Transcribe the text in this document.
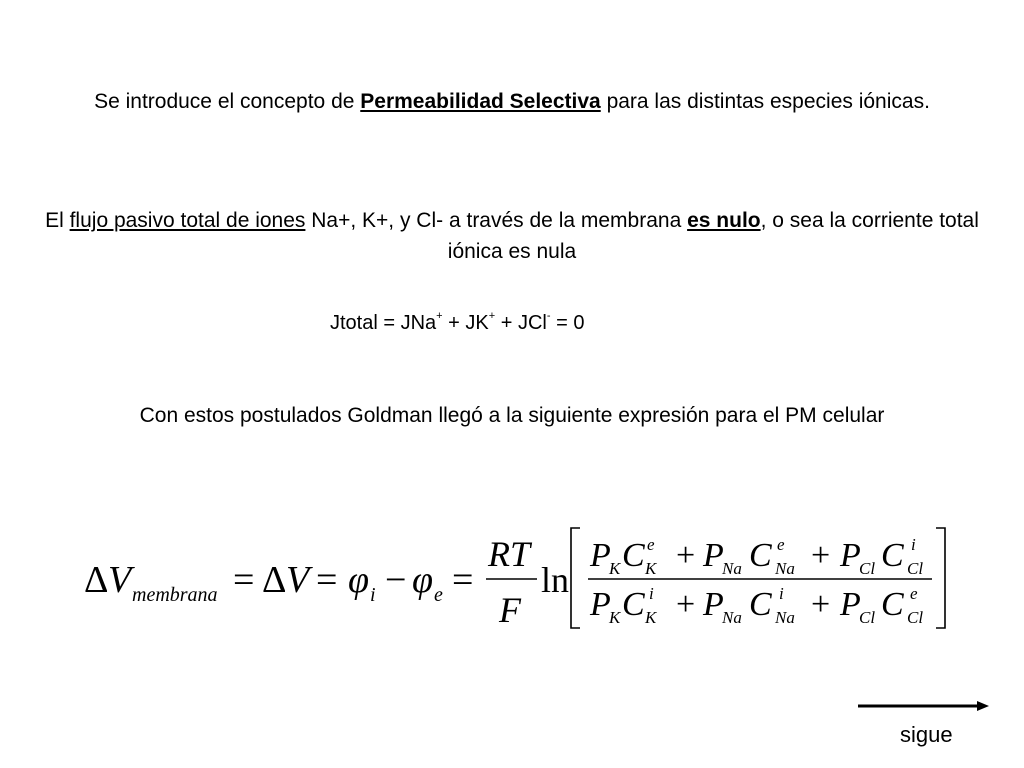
Se introduce el concepto de Permeabilidad Selectiva para las distintas especies iónicas.
El flujo pasivo total de iones Na+, K+, y Cl- a través de la membrana es nulo, o sea la corriente total iónica es nula
Jtotal = JNa+ + JK+ + JCl- = 0
Con estos postulados Goldman llegó a la siguiente expresión para el PM celular
Δ V membrana = Δ V = φ i − φ e =
RT
F
ln
P
K C e
K + P
Na C e
Na + P
Cl C i
Cl
P
K C i
K + P
Na C i
Na + P
Cl C e
Cl
sigue
